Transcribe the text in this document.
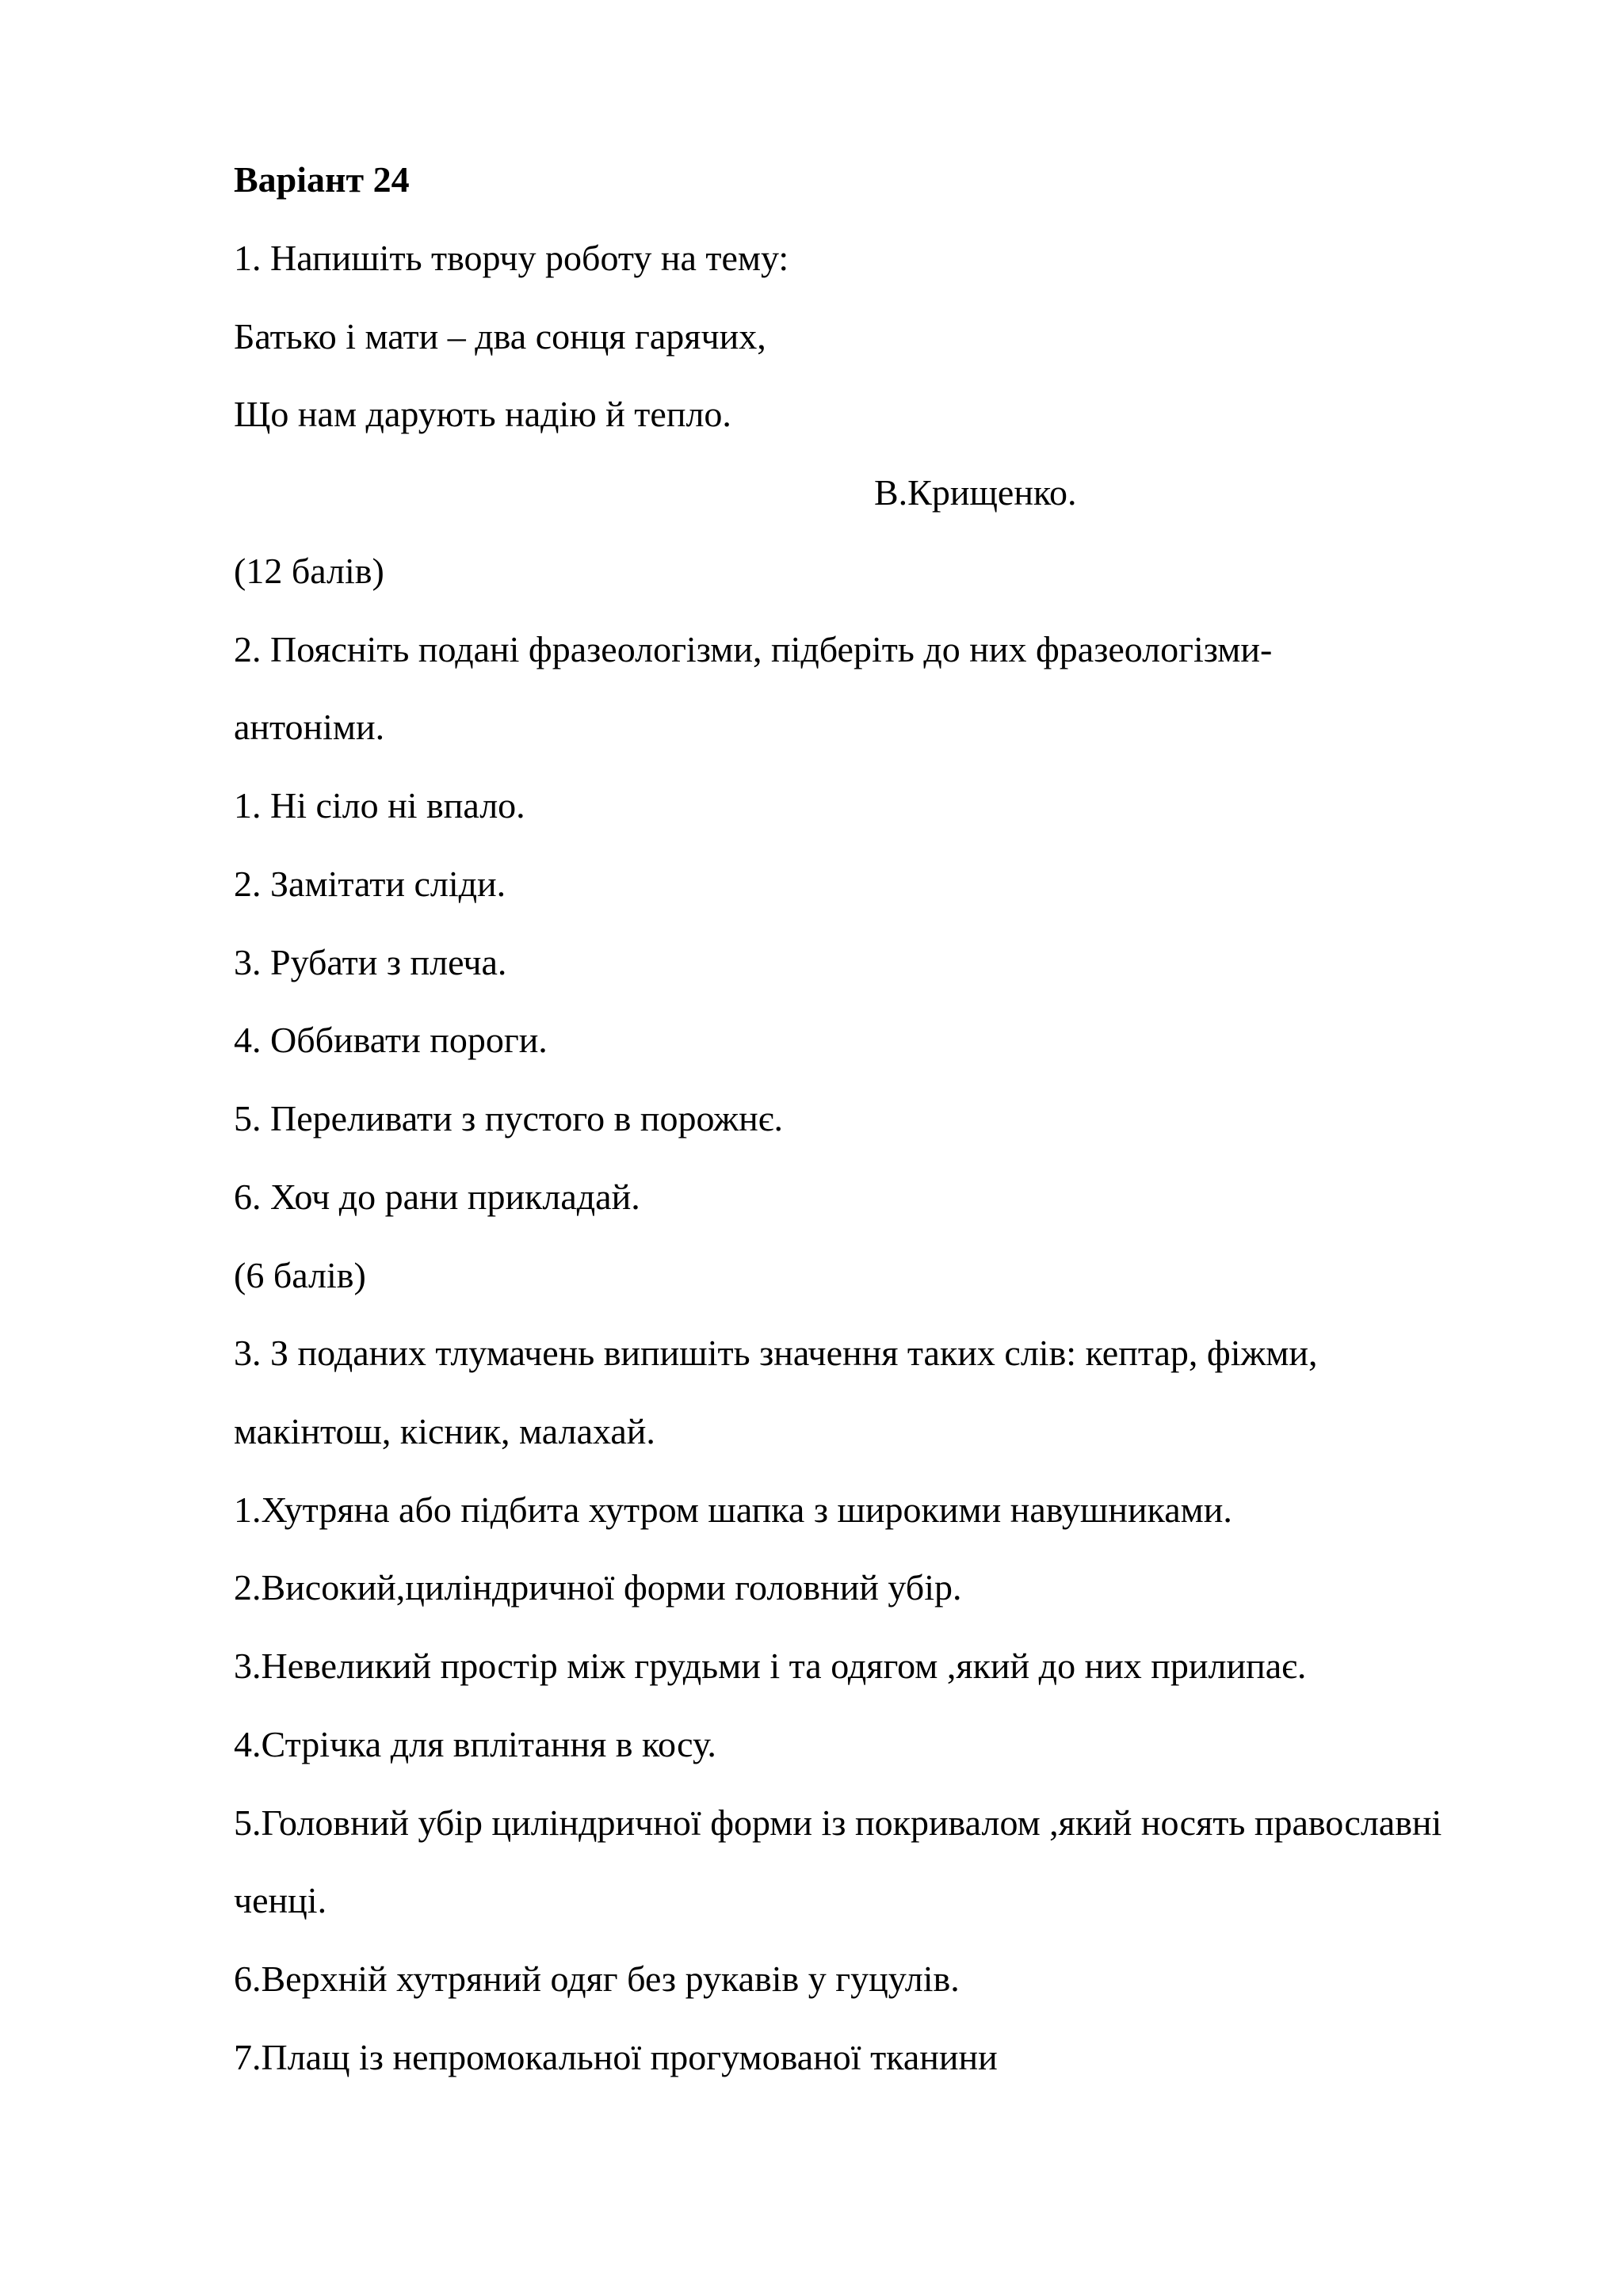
Варіант 24
1. Напишіть творчу роботу на тему:
Батько і мати – два сонця гарячих,
Що нам дарують надію й тепло.
В.Крищенко.
(12 балів)
2. Поясніть подані фразеологізми, підберіть до них фразеологізми-
антоніми.
1. Ні сіло ні впало.
2. Замітати сліди.
3. Рубати з плеча.
4. Оббивати пороги.
5. Переливати з пустого в порожнє.
6. Хоч до рани прикладай.
(6 балів)
3. З поданих тлумачень випишіть значення таких слів: кептар, фіжми,
макінтош, кісник, малахай.
1.Хутряна або підбита хутром шапка з широкими навушниками.
2.Високий,циліндричної форми головний убір.
3.Невеликий простір між грудьми і та одягом ,який до них прилипає.
4.Стрічка для вплітання в косу.
5.Головний убір циліндричної форми із покривалом ,який носять православні
ченці.
6.Верхній хутряний одяг без рукавів у гуцулів.
7.Плащ із непромокальної прогумованої тканини
